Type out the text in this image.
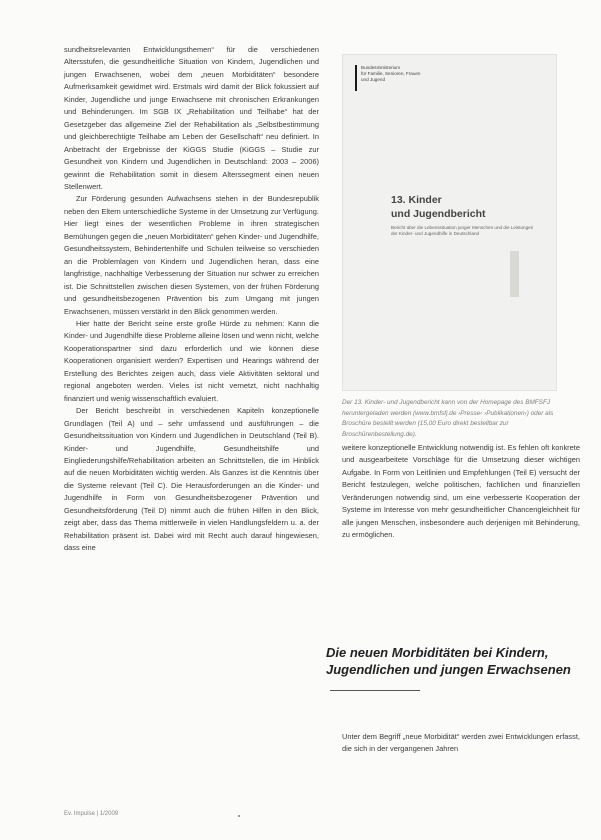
sundheitsrelevanten Entwicklungsthemen“ für die verschiedenen Altersstufen, die gesundheitliche Situation von Kindern, Jugendlichen und jungen Erwachsenen, wobei dem „neuen Morbiditäten“ besondere Aufmerksamkeit gewidmet wird. Erstmals wird damit der Blick fokussiert auf Kinder, Jugendliche und junge Erwachsene mit chronischen Erkrankungen und Behinderungen. Im SGB IX „Rehabilitation und Teilhabe“ hat der Gesetzgeber das allgemeine Ziel der Rehabilitation als „Selbstbestimmung und gleichberechtigte Teilhabe am Leben der Gesellschaft“ neu definiert. In Anbetracht der Ergebnisse der KiGGS Studie (KiGGS – Studie zur Gesundheit von Kindern und Jugendlichen in Deutschland: 2003 – 2006) gewinnt die Rehabilitation somit in diesem Alterssegment einen neuen Stellenwert.

Zur Förderung gesunden Aufwachsens stehen in der Bundesrepublik neben den Eltern unterschiedliche Systeme in der Umsetzung zur Verfügung. Hier liegt eines der wesentlichen Probleme in ihren strategischen Bemühungen gegen die „neuen Morbiditäten“ gehen Kinder- und Jugendhilfe, Gesundheitssystem, Behindertenhilfe und Schulen teilweise so verschieden an die Problemlagen von Kindern und Jugendlichen heran, dass eine langfristige, nachhaltige Verbesserung der Situation nur schwer zu erreichen ist. Die Schnittstellen zwischen diesen Systemen, von der frühen Förderung und gesundheitsbezogenen Prävention bis zum Umgang mit jungen Erwachsenen, müssen verstärkt in den Blick genommen werden.

Hier hatte der Bericht seine erste große Hürde zu nehmen: Kann die Kinder- und Jugendhilfe diese Probleme alleine lösen und wenn nicht, welche Kooperationspartner sind dazu erforderlich und wie können diese Kooperationen organisiert werden? Expertisen und Hearings während der Erstellung des Berichtes zeigen auch, dass viele Aktivitäten sektoral und regional angeboten werden. Vieles ist nicht vernetzt, nicht nachhaltig finanziert und wenig wissenschaftlich evaluiert.

Der Bericht beschreibt in verschiedenen Kapiteln konzeptionelle Grundlagen (Teil A) und – sehr umfassend und ausführungen – die Gesundheitssituation von Kindern und Jugendlichen in Deutschland (Teil B). Kinder- und Jugendhilfe, Gesundheitshilfe und Eingliederungshilfe/Rehabilitation arbeiten an Schnittstellen, die im Hinblick auf die neuen Morbiditäten wichtig werden. Als Ganzes ist die Kenntnis über die Systeme relevant (Teil C). Die Herausforderungen an die Kinder- und Jugendhilfe in Form von Gesundheitsbezogener Prävention und Gesundheitsförderung (Teil D) nimmt auch die frühen Hilfen in den Blick, zeigt aber, dass das Thema mittlerweile in vielen Handlungsfeldern u. a. der Rehabilitation präsent ist. Dabei wird mit Recht auch darauf hingewiesen, dass eine

Bundesministerium
für Familie, Senioren, Frauen
und Jugend
13. Kinder
und Jugendbericht
Bericht über die Lebenssituation junger Menschen und die Leistungen der Kinder- und Jugendhilfe in Deutschland
Der 13. Kinder- und Jugendbericht kann von der Homepage des BMFSFJ heruntergeladen werden (www.bmfsfj.de ›Presse‹ ›Publikationen‹) oder als Broschüre bestellt werden (15,00 Euro direkt bestellbar zur Broschürenbestellung.de).

weitere konzeptionelle Entwicklung notwendig ist. Es fehlen oft konkrete und ausgearbeitete Vorschläge für die Umsetzung dieser wichtigen Aufgabe. In Form von Leitlinien und Empfehlungen (Teil E) versucht der Bericht festzulegen, welche politischen, fachlichen und finanziellen Veränderungen notwendig sind, um eine verbesserte Kooperation der Systeme im Interesse von mehr gesundheitlicher Chancengleichheit für alle jungen Menschen, insbesondere auch derjenigen mit Behinderung, zu ermöglichen.

Die neuen Morbiditäten bei Kindern, Jugendlichen und jungen Erwachsenen

Unter dem Begriff „neue Morbidität“ werden zwei Entwicklungen erfasst, die sich in der vergangenen Jahren

Ev. Impulse | 1/2009
